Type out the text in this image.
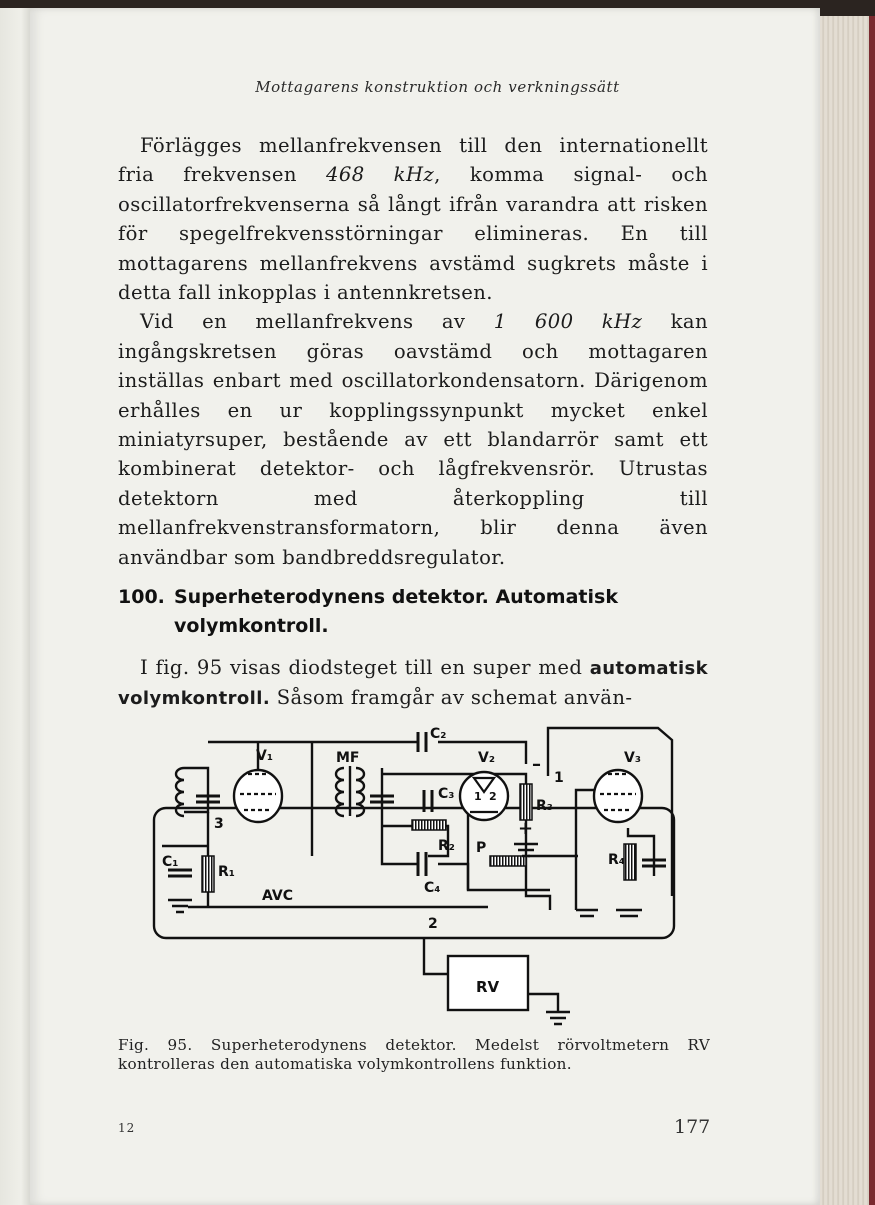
Mottagarens konstruktion och verkningssätt

Förlägges mellanfrekvensen till den internationellt fria frekvensen 468 kHz, komma signal- och oscillatorfrekvenserna så långt ifrån varandra att risken för spegelfrekvensstörningar elimineras. En till mottagarens mellanfrekvens avstämd sugkrets måste i detta fall inkopplas i antennkretsen.

Vid en mellanfrekvens av 1 600 kHz kan ingångskretsen göras oavstämd och mottagaren inställas enbart med oscillatorkondensatorn. Därigenom erhålles en ur kopplingssynpunkt mycket enkel miniatyrsuper, bestående av ett blandarrör samt ett kombinerat detektor- och lågfrekvensrör. Utrustas detektorn med återkoppling till mellanfrekvenstransformatorn, blir denna även användbar som bandbreddsregulator.

100. Superheterodynens detektor. Automatisk volymkontroll.

I fig. 95 visas diodsteget till en super med automatisk volymkontroll. Såsom framgår av schemat använ-

V₁	MF
C₂
V₂	V₃
C₃
R₂
R₃
P
C₄
C₁
R₁
R₄
AVC
RV
3
1
2
1 2
+
–
Fig. 95. Superheterodynens detektor. Medelst rörvoltmetern RV kontrolleras den automatiska volymkontrollens funktion.
12	177
